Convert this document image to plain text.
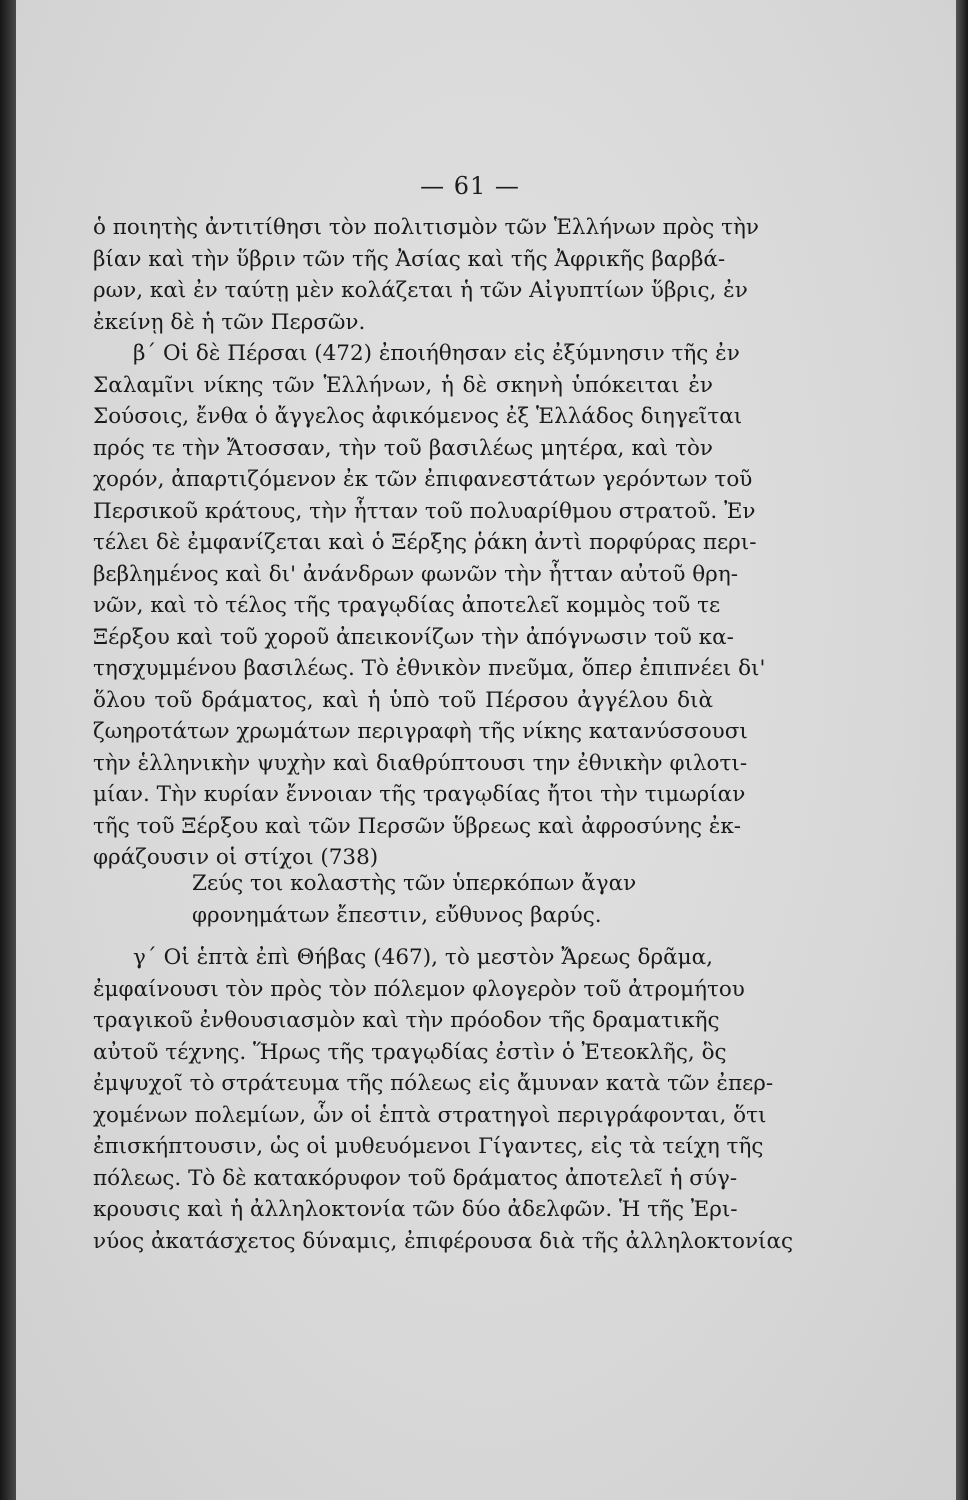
— 61 —
ὁ ποιητὴς ἀντιτίθησι τὸν πολιτισμὸν τῶν Ἑλλήνων πρὸς τὴν
βίαν καὶ τὴν ὕβριν τῶν τῆς Ἀσίας καὶ τῆς Ἀφρικῆς βαρβά-
ρων, καὶ ἐν ταύτῃ μὲν κολάζεται ἡ τῶν Αἰγυπτίων ὕβρις, ἐν
ἐκείνῃ δὲ ἡ τῶν Περσῶν.
β΄ Οἱ δὲ Πέρσαι (472) ἐποιήθησαν εἰς ἐξύμνησιν τῆς ἐν
Σαλαμῖνι νίκης τῶν Ἑλλήνων, ἡ δὲ σκηνὴ ὑπόκειται ἐν
Σούσοις, ἔνθα ὁ ἄγγελος ἀφικόμενος ἐξ Ἑλλάδος διηγεῖται
πρός τε τὴν Ἄτοσσαν, τὴν τοῦ βασιλέως μητέρα, καὶ τὸν
χορόν, ἀπαρτιζόμενον ἐκ τῶν ἐπιφανεστάτων γερόντων τοῦ
Περσικοῦ κράτους, τὴν ἧτταν τοῦ πολυαρίθμου στρατοῦ. Ἐν
τέλει δὲ ἐμφανίζεται καὶ ὁ Ξέρξης ῥάκη ἀντὶ πορφύρας περι-
βεβλημένος καὶ δι' ἀνάνδρων φωνῶν τὴν ἧτταν αὐτοῦ θρη-
νῶν, καὶ τὸ τέλος τῆς τραγῳδίας ἀποτελεῖ κομμὸς τοῦ τε
Ξέρξου καὶ τοῦ χοροῦ ἀπεικονίζων τὴν ἀπόγνωσιν τοῦ κα-
τησχυμμένου βασιλέως. Τὸ ἐθνικὸν πνεῦμα, ὅπερ ἐπιπνέει δι'
ὅλου τοῦ δράματος, καὶ ἡ ὑπὸ τοῦ Πέρσου ἀγγέλου διὰ
ζωηροτάτων χρωμάτων περιγραφὴ τῆς νίκης κατανύσσουσι
τὴν ἑλληνικὴν ψυχὴν καὶ διαθρύπτουσι την ἐθνικὴν φιλοτι-
μίαν. Τὴν κυρίαν ἔννοιαν τῆς τραγῳδίας ἤτοι τὴν τιμωρίαν
τῆς τοῦ Ξέρξου καὶ τῶν Περσῶν ὕβρεως καὶ ἀφροσύνης ἐκ-
φράζουσιν οἱ στίχοι (738)
Ζεύς τοι κολαστὴς τῶν ὑπερκόπων ἄγαν
φρονημάτων ἔπεστιν, εὔθυνος βαρύς.
γ΄ Οἱ ἑπτὰ ἐπὶ Θήβας (467), τὸ μεστὸν Ἄρεως δρᾶμα,
ἐμφαίνουσι τὸν πρὸς τὸν πόλεμον φλογερὸν τοῦ ἀτρομήτου
τραγικοῦ ἐνθουσιασμὸν καὶ τὴν πρόοδον τῆς δραματικῆς
αὐτοῦ τέχνης. Ἥρως τῆς τραγῳδίας ἐστὶν ὁ Ἐτεοκλῆς, ὃς
ἐμψυχοῖ τὸ στράτευμα τῆς πόλεως εἰς ἄμυναν κατὰ τῶν ἐπερ-
χομένων πολεμίων, ὧν οἱ ἑπτὰ στρατηγοὶ περιγράφονται, ὅτι
ἐπισκήπτουσιν, ὡς οἱ μυθευόμενοι Γίγαντες, εἰς τὰ τείχη τῆς
πόλεως. Τὸ δὲ κατακόρυφον τοῦ δράματος ἀποτελεῖ ἡ σύγ-
κρουσις καὶ ἡ ἀλληλοκτονία τῶν δύο ἀδελφῶν. Ἡ τῆς Ἐρι-
νύος ἀκατάσχετος δύναμις, ἐπιφέρουσα διὰ τῆς ἀλληλοκτονίας
